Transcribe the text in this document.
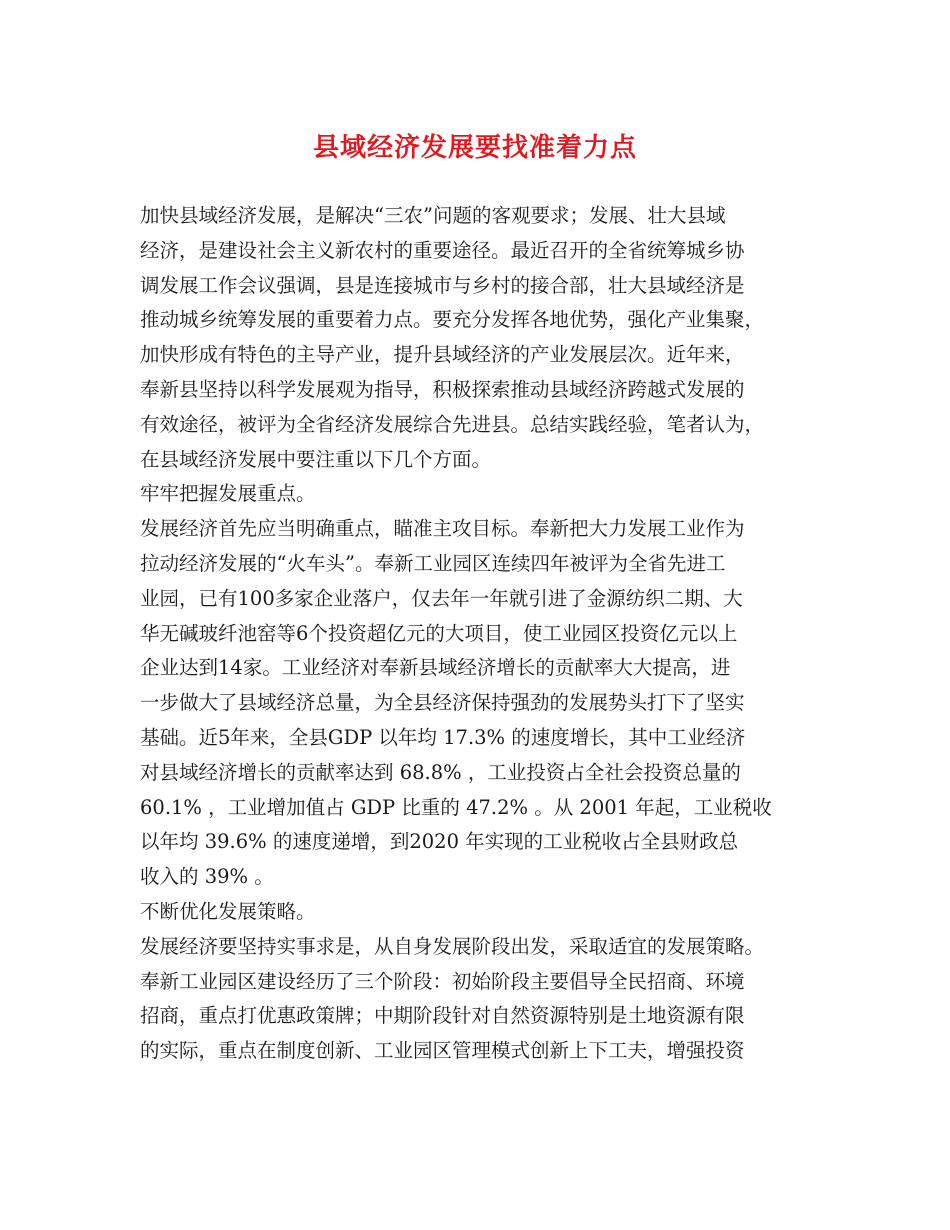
县域经济发展要找准着力点
加快县域经济发展，是解决“三农”问题的客观要求；发展、壮大县域
经济，是建设社会主义新农村的重要途径。最近召开的全省统筹城乡协
调发展工作会议强调，县是连接城市与乡村的接合部，壮大县域经济是
推动城乡统筹发展的重要着力点。要充分发挥各地优势，强化产业集聚，
加快形成有特色的主导产业，提升县域经济的产业发展层次。近年来，
奉新县坚持以科学发展观为指导，积极探索推动县域经济跨越式发展的
有效途径，被评为全省经济发展综合先进县。总结实践经验，笔者认为，
在县域经济发展中要注重以下几个方面。
牢牢把握发展重点。
发展经济首先应当明确重点，瞄准主攻目标。奉新把大力发展工业作为
拉动经济发展的“火车头”。奉新工业园区连续四年被评为全省先进工
业园，已有100多家企业落户，仅去年一年就引进了金源纺织二期、大
华无碱玻纤池窑等6个投资超亿元的大项目，使工业园区投资亿元以上
企业达到14家。工业经济对奉新县域经济增长的贡献率大大提高，进
一步做大了县域经济总量，为全县经济保持强劲的发展势头打下了坚实
基础。近5年来，全县GDP 以年均 17.3% 的速度增长，其中工业经济
对县域经济增长的贡献率达到 68.8% ，工业投资占全社会投资总量的
60.1% ，工业增加值占 GDP 比重的 47.2% 。从 2001 年起，工业税收
以年均 39.6% 的速度递增，到2020 年实现的工业税收占全县财政总
收入的 39% 。
不断优化发展策略。
发展经济要坚持实事求是，从自身发展阶段出发，采取适宜的发展策略。
奉新工业园区建设经历了三个阶段：初始阶段主要倡导全民招商、环境
招商，重点打优惠政策牌；中期阶段针对自然资源特别是土地资源有限
的实际，重点在制度创新、工业园区管理模式创新上下工夫，增强投资
